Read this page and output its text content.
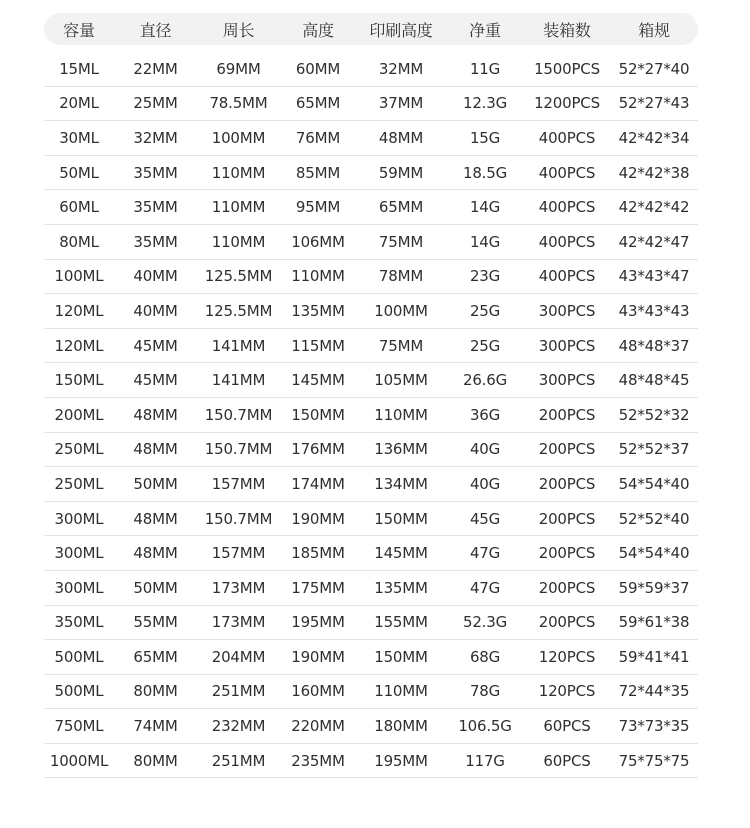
容量	直径	周长	高度	印刷高度	净重	装箱数	箱规
15ML	22MM	69MM	60MM	32MM	11G	1500PCS	52*27*40
20ML	25MM	78.5MM	65MM	37MM	12.3G	1200PCS	52*27*43
30ML	32MM	100MM	76MM	48MM	15G	400PCS	42*42*34
50ML	35MM	110MM	85MM	59MM	18.5G	400PCS	42*42*38
60ML	35MM	110MM	95MM	65MM	14G	400PCS	42*42*42
80ML	35MM	110MM	106MM	75MM	14G	400PCS	42*42*47
100ML	40MM	125.5MM	110MM	78MM	23G	400PCS	43*43*47
120ML	40MM	125.5MM	135MM	100MM	25G	300PCS	43*43*43
120ML	45MM	141MM	115MM	75MM	25G	300PCS	48*48*37
150ML	45MM	141MM	145MM	105MM	26.6G	300PCS	48*48*45
200ML	48MM	150.7MM	150MM	110MM	36G	200PCS	52*52*32
250ML	48MM	150.7MM	176MM	136MM	40G	200PCS	52*52*37
250ML	50MM	157MM	174MM	134MM	40G	200PCS	54*54*40
300ML	48MM	150.7MM	190MM	150MM	45G	200PCS	52*52*40
300ML	48MM	157MM	185MM	145MM	47G	200PCS	54*54*40
300ML	50MM	173MM	175MM	135MM	47G	200PCS	59*59*37
350ML	55MM	173MM	195MM	155MM	52.3G	200PCS	59*61*38
500ML	65MM	204MM	190MM	150MM	68G	120PCS	59*41*41
500ML	80MM	251MM	160MM	110MM	78G	120PCS	72*44*35
750ML	74MM	232MM	220MM	180MM	106.5G	60PCS	73*73*35
1000ML	80MM	251MM	235MM	195MM	117G	60PCS	75*75*75
